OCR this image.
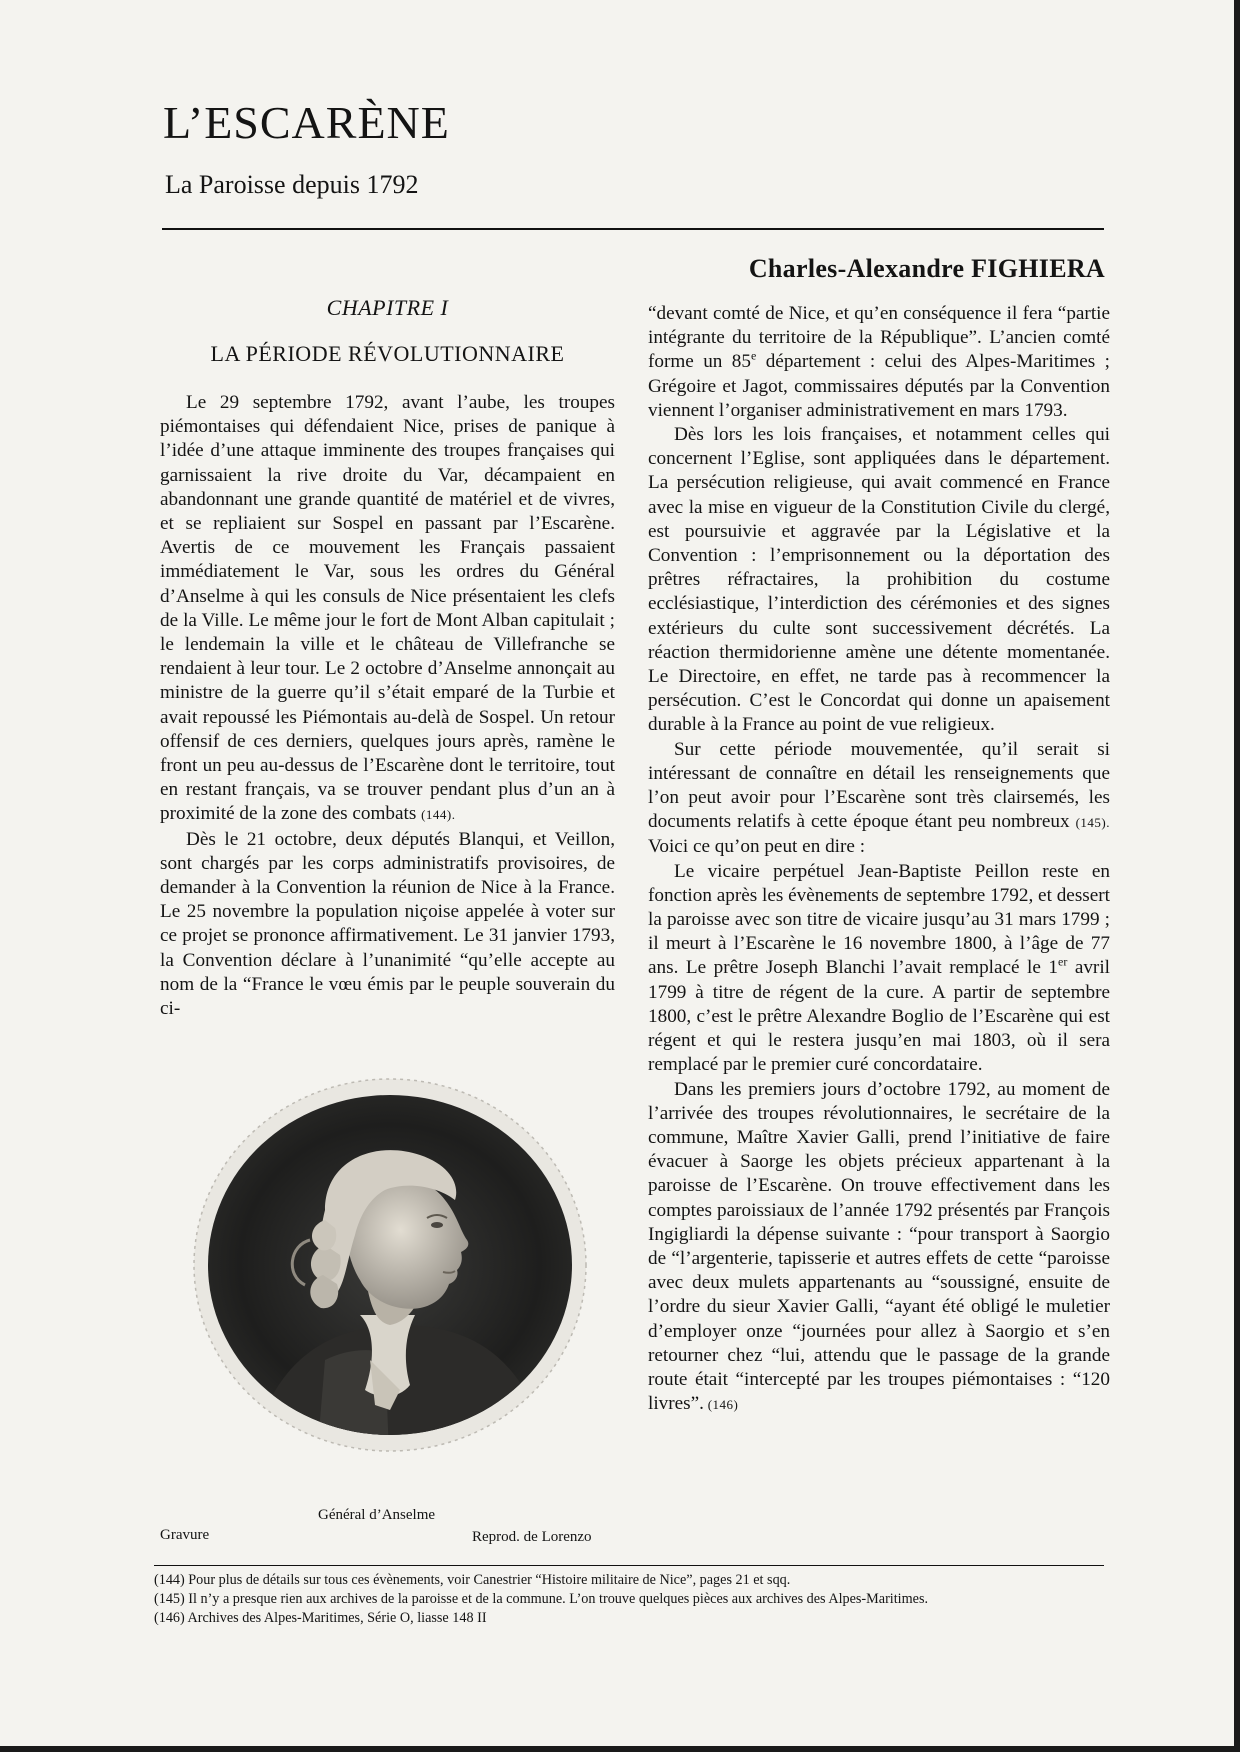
L’ESCARÈNE
La Paroisse depuis 1792
Charles-Alexandre FIGHIERA
CHAPITRE I
LA PÉRIODE RÉVOLUTIONNAIRE

Le 29 septembre 1792, avant l’aube, les troupes piémontaises qui défendaient Nice, prises de panique à l’idée d’une attaque imminente des troupes françaises qui garnissaient la rive droite du Var, décampaient en abandonnant une grande quantité de matériel et de vivres, et se repliaient sur Sospel en passant par l’Escarène. Avertis de ce mouvement les Français passaient immédiatement le Var, sous les ordres du Général d’Anselme à qui les consuls de Nice présentaient les clefs de la Ville. Le même jour le fort de Mont Alban capitulait ; le lendemain la ville et le château de Villefranche se rendaient à leur tour. Le 2 octobre d’Anselme annonçait au ministre de la guerre qu’il s’était emparé de la Turbie et avait repoussé les Piémontais au-delà de Sospel. Un retour offensif de ces derniers, quelques jours après, ramène le front un peu au-dessus de l’Escarène dont le territoire, tout en restant français, va se trouver pendant plus d’un an à proximité de la zone des combats (144).

Dès le 21 octobre, deux députés Blanqui, et Veillon, sont chargés par les corps administratifs provisoires, de demander à la Convention la réunion de Nice à la France. Le 25 novembre la population niçoise appelée à voter sur ce projet se prononce affirmativement. Le 31 janvier 1793, la Convention déclare à l’unanimité “qu’elle accepte au nom de la “France le vœu émis par le peuple souverain du ci-

Général d’Anselme

Gravure	Reprod. de Lorenzo

“devant comté de Nice, et qu’en conséquence il fera “partie intégrante du territoire de la République”. L’ancien comté forme un 85e département : celui des Alpes-Maritimes ; Grégoire et Jagot, commissaires députés par la Convention viennent l’organiser administrativement en mars 1793.

Dès lors les lois françaises, et notamment celles qui concernent l’Eglise, sont appliquées dans le département. La persécution religieuse, qui avait commencé en France avec la mise en vigueur de la Constitution Civile du clergé, est poursuivie et aggravée par la Législative et la Convention : l’emprisonnement ou la déportation des prêtres réfractaires, la prohibition du costume ecclésiastique, l’interdiction des cérémonies et des signes extérieurs du culte sont successivement décrétés. La réaction thermidorienne amène une détente momentanée. Le Directoire, en effet, ne tarde pas à recommencer la persécution. C’est le Concordat qui donne un apaisement durable à la France au point de vue religieux.

Sur cette période mouvementée, qu’il serait si intéressant de connaître en détail les renseignements que l’on peut avoir pour l’Escarène sont très clairsemés, les documents relatifs à cette époque étant peu nombreux (145). Voici ce qu’on peut en dire :

Le vicaire perpétuel Jean-Baptiste Peillon reste en fonction après les évènements de septembre 1792, et dessert la paroisse avec son titre de vicaire jusqu’au 31 mars 1799 ; il meurt à l’Escarène le 16 novembre 1800, à l’âge de 77 ans. Le prêtre Joseph Blanchi l’avait remplacé le 1er avril 1799 à titre de régent de la cure. A partir de septembre 1800, c’est le prêtre Alexandre Boglio de l’Escarène qui est régent et qui le restera jusqu’en mai 1803, où il sera remplacé par le premier curé concordataire.

Dans les premiers jours d’octobre 1792, au moment de l’arrivée des troupes révolutionnaires, le secrétaire de la commune, Maître Xavier Galli, prend l’initiative de faire évacuer à Saorge les objets précieux appartenant à la paroisse de l’Escarène. On trouve effectivement dans les comptes paroissiaux de l’année 1792 présentés par François Ingigliardi la dépense suivante : “pour transport à Saorgio de “l’argenterie, tapisserie et autres effets de cette “paroisse avec deux mulets appartenants au “soussigné, ensuite de l’ordre du sieur Xavier Galli, “ayant été obligé le muletier d’employer onze “journées pour allez à Saorgio et s’en retourner chez “lui, attendu que le passage de la grande route était “intercepté par les troupes piémontaises : “120 livres”. (146)

(144) Pour plus de détails sur tous ces évènements, voir Canestrier “Histoire militaire de Nice”, pages 21 et sqq.
(145) Il n’y a presque rien aux archives de la paroisse et de la commune. L’on trouve quelques pièces aux archives des Alpes-Maritimes.
(146) Archives des Alpes-Maritimes, Série O, liasse 148 II
